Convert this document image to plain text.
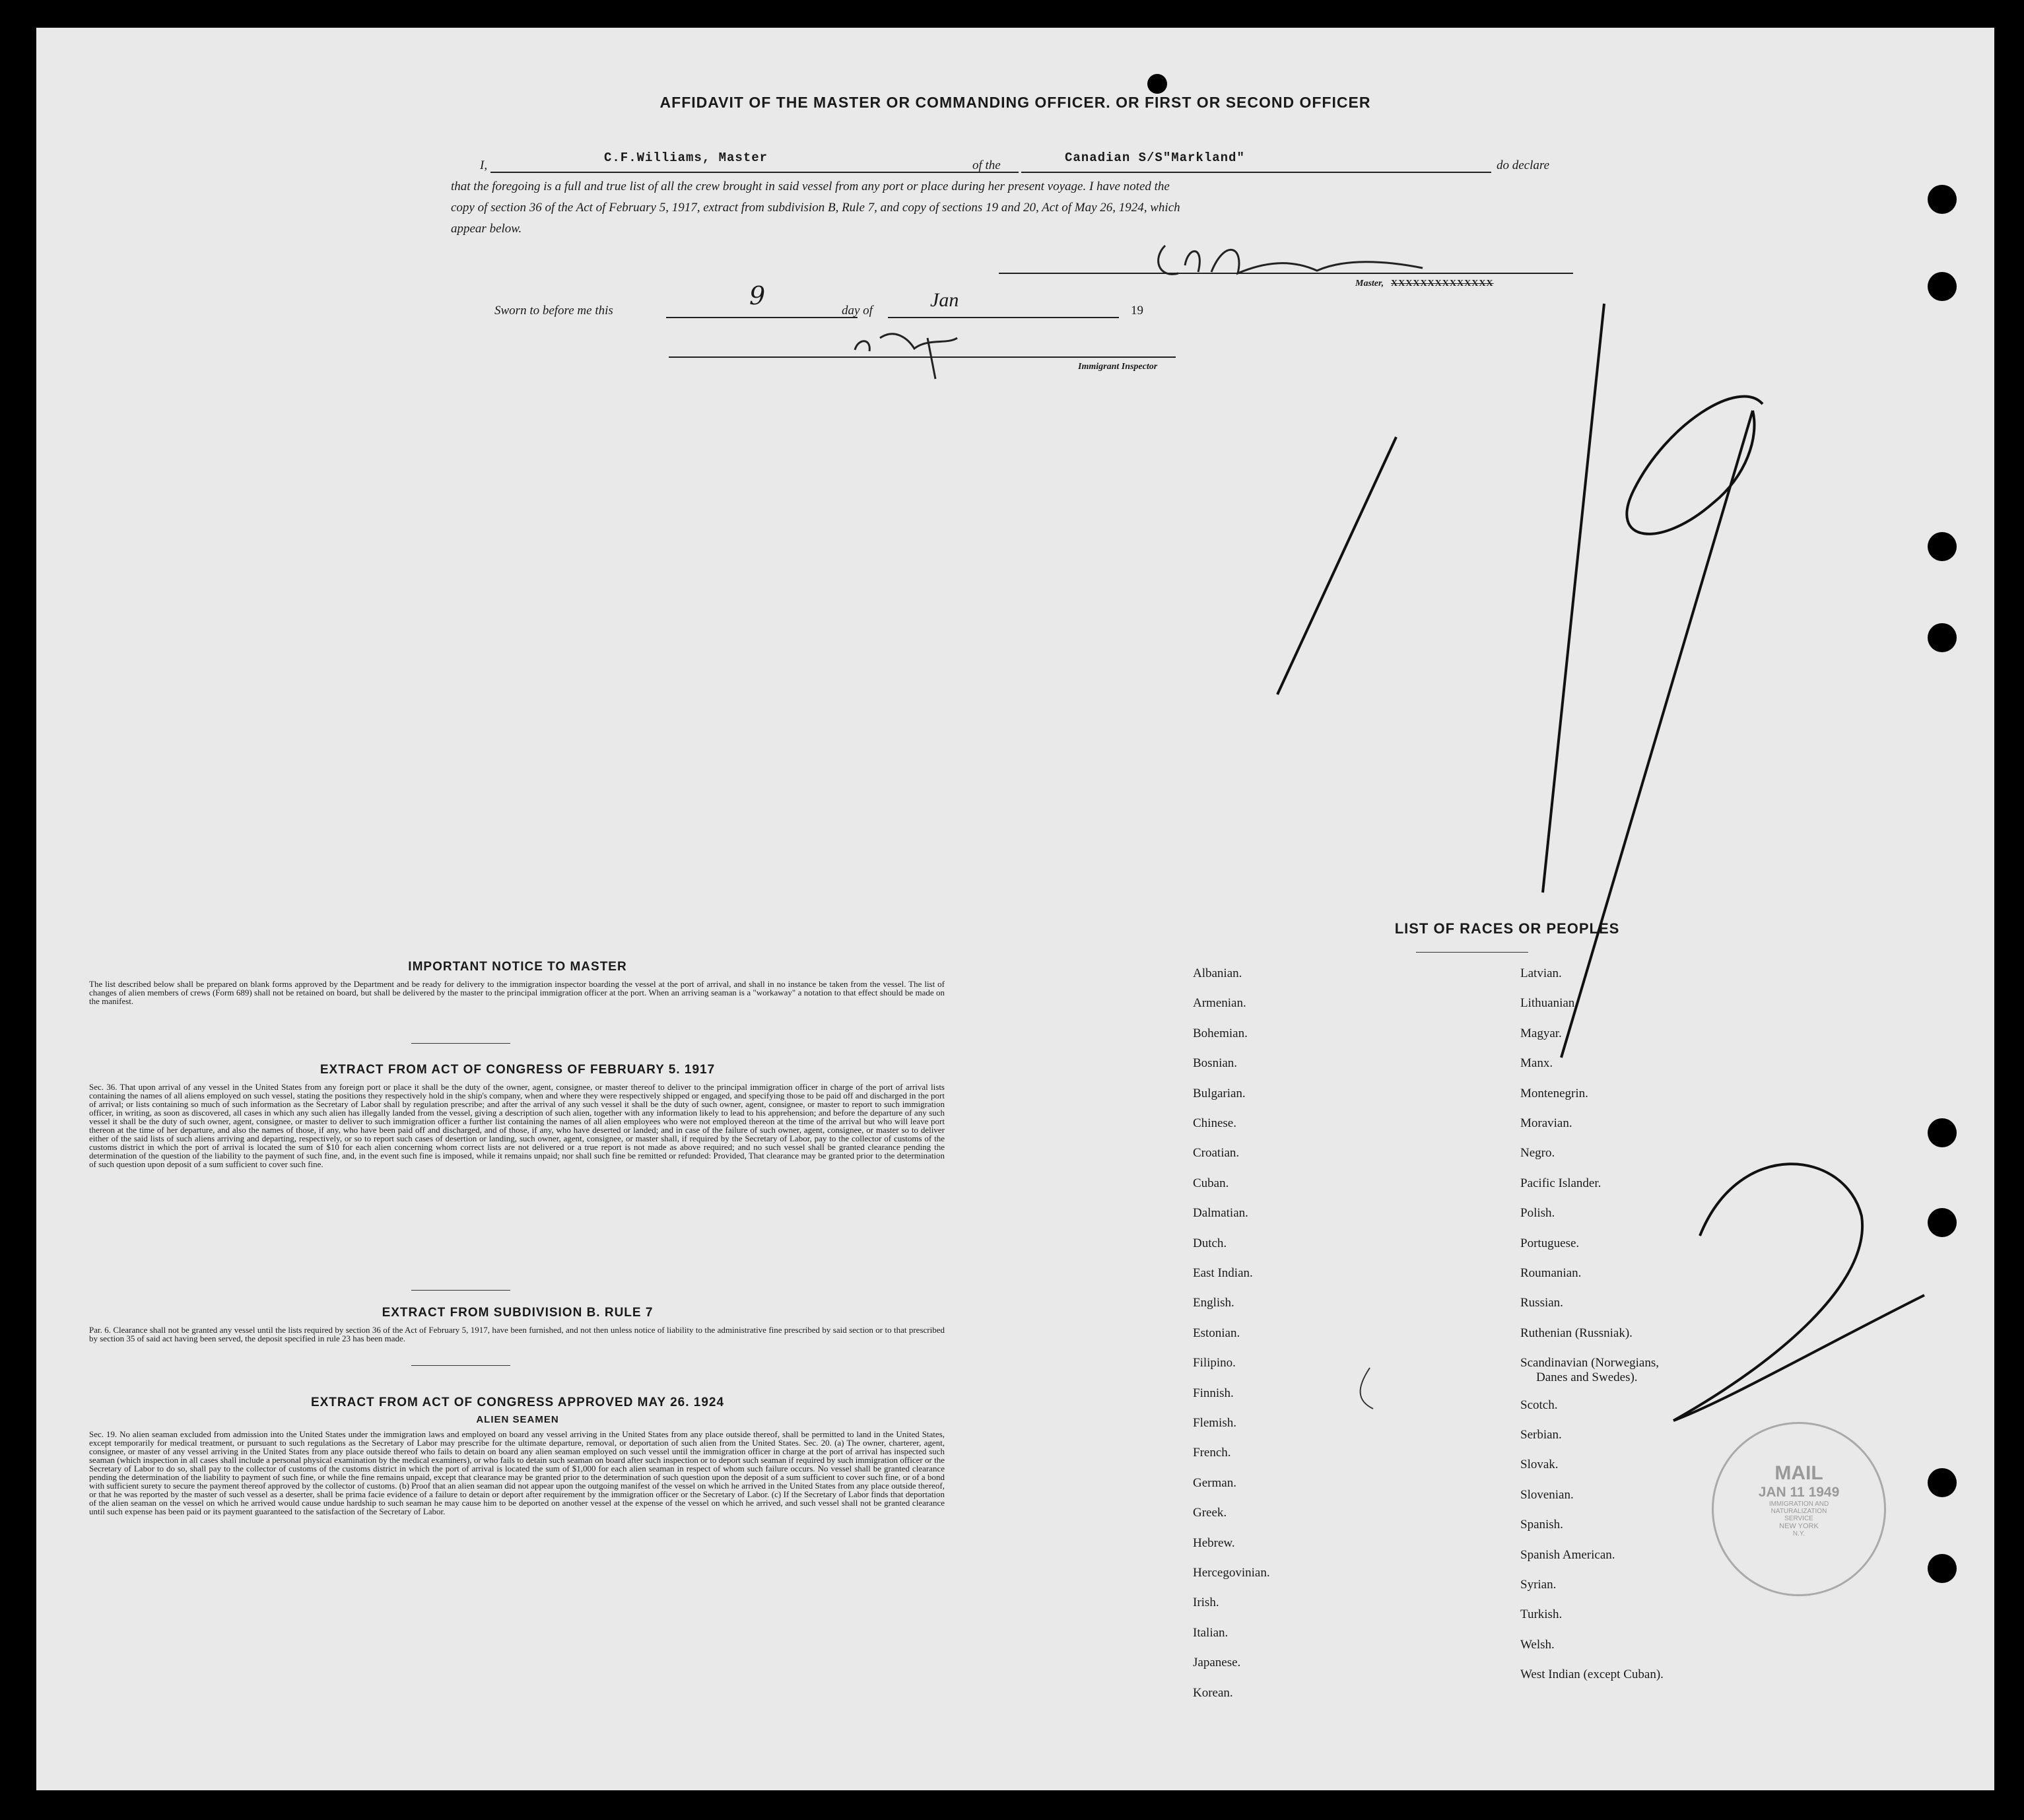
AFFIDAVIT OF THE MASTER OR COMMANDING OFFICER. OR FIRST OR SECOND OFFICER
I,
C.F.Williams, Master
of the
Canadian S/S"Markland"
do declare
that the foregoing is a full and true list of all the crew brought in said vessel from any port or place during her present voyage. I have noted the
copy of section 36 of the Act of February 5, 1917, extract from subdivision B, Rule 7, and copy of sections 19 and 20, Act of May 26, 1924, which
appear below.
Master, XXXXXXXXXXXXXX
Sworn to before me this	day of	19
9	Jan
Immigrant Inspector
IMPORTANT NOTICE TO MASTER
The list described below shall be prepared on blank forms approved by the Department and be ready for delivery to the immigration inspector boarding the vessel at the port of arrival, and shall in no instance be taken from the vessel. The list of changes of alien members of crews (Form 689) shall not be retained on board, but shall be delivered by the master to the principal immigration officer at the port. When an arriving seaman is a "workaway" a notation to that effect should be made on the manifest.
EXTRACT FROM ACT OF CONGRESS OF FEBRUARY 5. 1917
Sec. 36. That upon arrival of any vessel in the United States from any foreign port or place it shall be the duty of the owner, agent, consignee, or master thereof to deliver to the principal immigration officer in charge of the port of arrival lists containing the names of all aliens employed on such vessel, stating the positions they respectively hold in the ship's company, when and where they were respectively shipped or engaged, and specifying those to be paid off and discharged in the port of arrival; or lists containing so much of such information as the Secretary of Labor shall by regulation prescribe; and after the arrival of any such vessel it shall be the duty of such owner, agent, consignee, or master to report to such immigration officer, in writing, as soon as discovered, all cases in which any such alien has illegally landed from the vessel, giving a description of such alien, together with any information likely to lead to his apprehension; and before the departure of any such vessel it shall be the duty of such owner, agent, consignee, or master to deliver to such immigration officer a further list containing the names of all alien employees who were not employed thereon at the time of the arrival but who will leave port thereon at the time of her departure, and also the names of those, if any, who have been paid off and discharged, and of those, if any, who have deserted or landed; and in case of the failure of such owner, agent, consignee, or master so to deliver either of the said lists of such aliens arriving and departing, respectively, or so to report such cases of desertion or landing, such owner, agent, consignee, or master shall, if required by the Secretary of Labor, pay to the collector of customs of the customs district in which the port of arrival is located the sum of $10 for each alien concerning whom correct lists are not delivered or a true report is not made as above required; and no such vessel shall be granted clearance pending the determination of the question of the liability to the payment of such fine, and, in the event such fine is imposed, while it remains unpaid; nor shall such fine be remitted or refunded: Provided, That clearance may be granted prior to the determination of such question upon deposit of a sum sufficient to cover such fine.
EXTRACT FROM SUBDIVISION B. RULE 7
Par. 6. Clearance shall not be granted any vessel until the lists required by section 36 of the Act of February 5, 1917, have been furnished, and not then unless notice of liability to the administrative fine prescribed by said section or to that prescribed by section 35 of said act having been served, the deposit specified in rule 23 has been made.
EXTRACT FROM ACT OF CONGRESS APPROVED MAY 26. 1924
ALIEN SEAMEN
Sec. 19. No alien seaman excluded from admission into the United States under the immigration laws and employed on board any vessel arriving in the United States from any place outside thereof, shall be permitted to land in the United States, except temporarily for medical treatment, or pursuant to such regulations as the Secretary of Labor may prescribe for the ultimate departure, removal, or deportation of such alien from the United States. Sec. 20. (a) The owner, charterer, agent, consignee, or master of any vessel arriving in the United States from any place outside thereof who fails to detain on board any alien seaman employed on such vessel until the immigration officer in charge at the port of arrival has inspected such seaman (which inspection in all cases shall include a personal physical examination by the medical examiners), or who fails to detain such seaman on board after such inspection or to deport such seaman if required by such immigration officer or the Secretary of Labor to do so, shall pay to the collector of customs of the customs district in which the port of arrival is located the sum of $1,000 for each alien seaman in respect of whom such failure occurs. No vessel shall be granted clearance pending the determination of the liability to payment of such fine, or while the fine remains unpaid, except that clearance may be granted prior to the determination of such question upon the deposit of a sum sufficient to cover such fine, or of a bond with sufficient surety to secure the payment thereof approved by the collector of customs. (b) Proof that an alien seaman did not appear upon the outgoing manifest of the vessel on which he arrived in the United States from any place outside thereof, or that he was reported by the master of such vessel as a deserter, shall be prima facie evidence of a failure to detain or deport after requirement by the immigration officer or the Secretary of Labor. (c) If the Secretary of Labor finds that deportation of the alien seaman on the vessel on which he arrived would cause undue hardship to such seaman he may cause him to be deported on another vessel at the expense of the vessel on which he arrived, and such vessel shall not be granted clearance until such expense has been paid or its payment guaranteed to the satisfaction of the Secretary of Labor.
LIST OF RACES OR PEOPLES
Albanian.
Armenian.
Bohemian.
Bosnian.
Bulgarian.
Chinese.
Croatian.
Cuban.
Dalmatian.
Dutch.
East Indian.
English.
Estonian.
Filipino.
Finnish.
Flemish.
French.
German.
Greek.
Hebrew.
Hercegovinian.
Irish.
Italian.
Japanese.
Korean.
Latvian.
Lithuanian.
Magyar.
Manx.
Montenegrin.
Moravian.
Negro.
Pacific Islander.
Polish.
Portuguese.
Roumanian.
Russian.
Ruthenian (Russniak).
Scandinavian (Norwegians,
Danes and Swedes).
Scotch.
Serbian.
Slovak.
Slovenian.
Spanish.
Spanish American.
Syrian.
Turkish.
Welsh.
West Indian (except Cuban).
MAIL
JAN 11 1949
IMMIGRATION AND
NATURALIZATION
SERVICE
NEW YORK
N.Y.
